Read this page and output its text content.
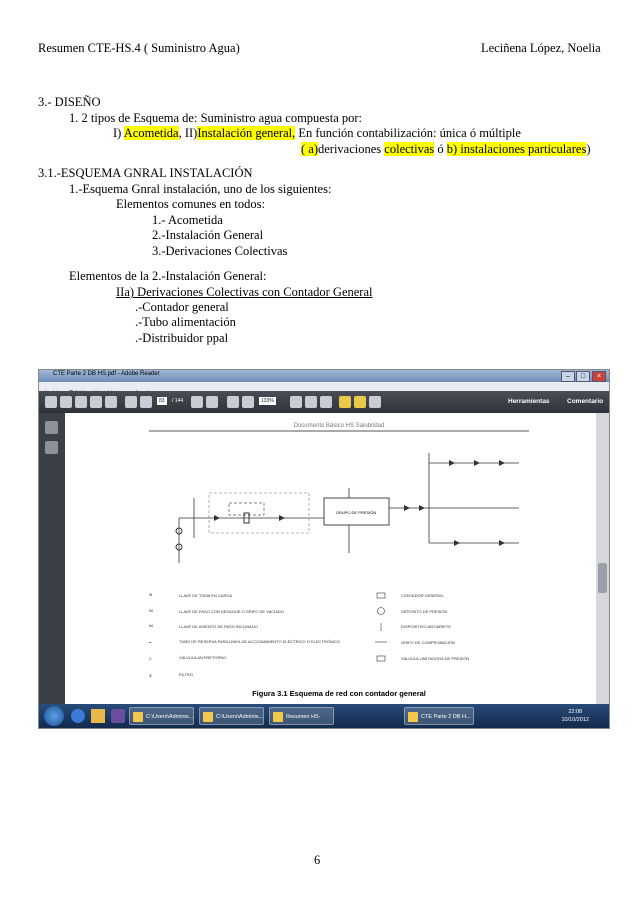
Resumen CTE-HS.4 ( Suministro Agua)	Leciñena López, Noelia
3.- DISEÑO
1. 2 tipos de Esquema de: Suministro agua compuesta por:
I) Acometida, II)Instalación general, En función contabilización: única ó múltiple
( a)derivaciones colectivas ó b) instalaciones particulares)
3.1.-ESQUEMA GNRAL INSTALACIÓN
1.-Esquema Gnral instalación, uno de los siguientes:
Elementos comunes en todos:
1.- Acometida
2.-Instalación General
3.-Derivaciones Colectivas
Elementos de la 2.-Instalación General:
IIa) Derivaciones Colectivas con Contador General
.-Contador general
.-Tubo alimentación
.-Distribuidor ppal
CTE Parte 2 DB HS.pdf - Adobe Reader	–	□	×
83	/ 144	133%	Herramientas	Comentario
Documento Básico HS Salubridad
GRUPO DE PRESIÓN
⊗
⋈
⋈
━
▷
⊻
LLAVE DE TOMA EN CARGA
LLAVE DE PASO CON DESAGUE O GRIFO DE VACIADO
LLAVE DE ASIENTO DE PASO INCLINADO
TUBO DE RESERVA PARA LÍNEA DE ACCIONAMIENTO ELÉCTRICO O ELECTRÓNICO
VÁLVULA ANTIRETORNO
FILTRO
CONTADOR GENERAL
DEPOSITO DE PRESIÓN
DISPOSITIVO ANTIARIETE
GRIFO DE COMPROBACIÓN
VÁLVULA LIMITADORA DE PRESIÓN
Figura 3.1 Esquema de red con contador general
C:\Users\Adminis...	C:\Users\Adminis...	Resumen HS-4.do...
CTE Parte 2 DB H...
22:08
10/10/2012
6
